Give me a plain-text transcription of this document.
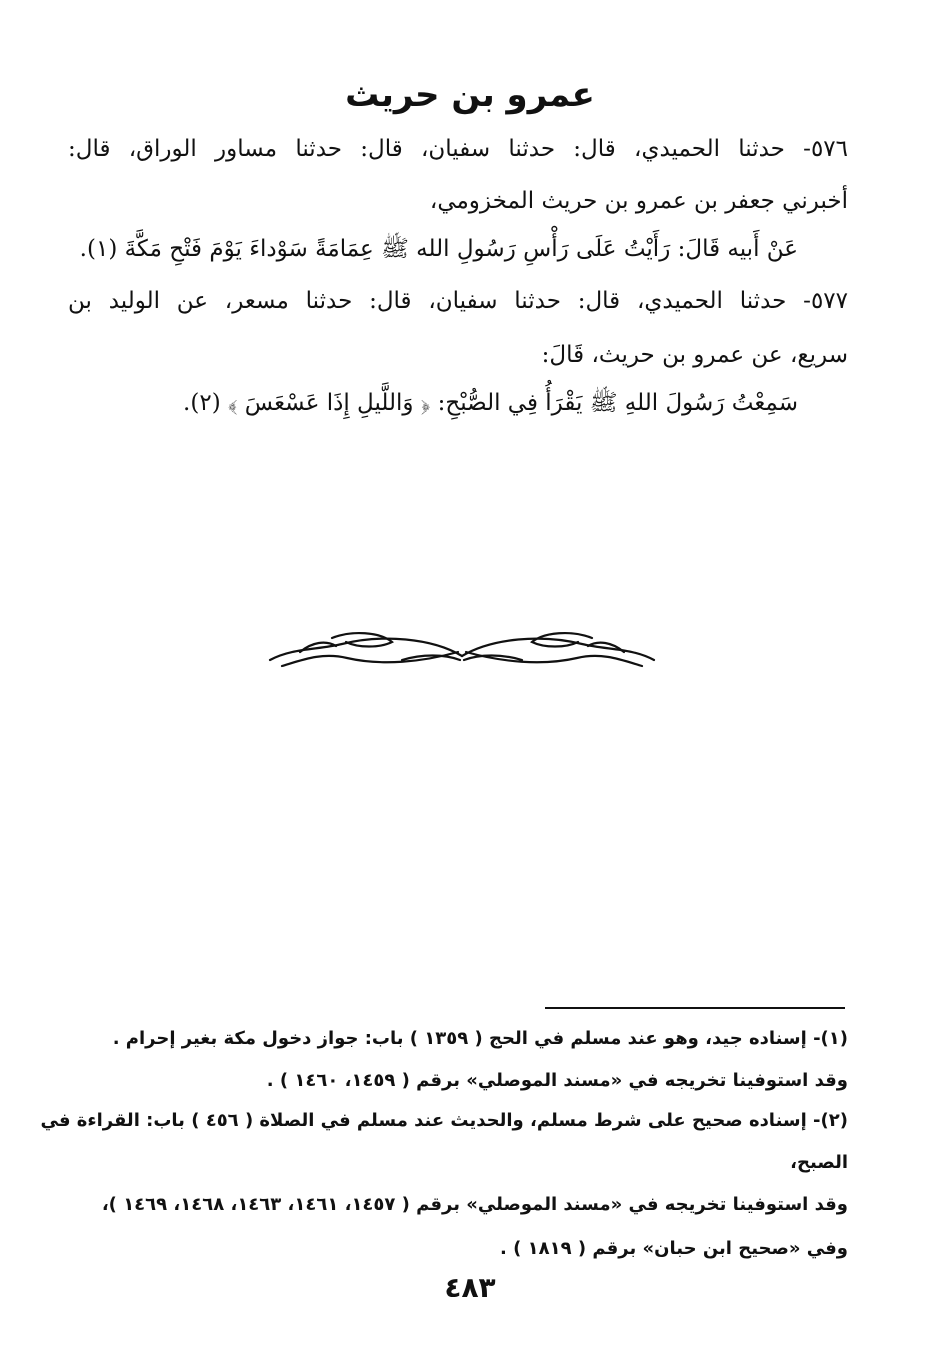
عمرو بن حريث
٥٧٦- حدثنا الحميدي، قال: حدثنا سفيان، قال: حدثنا مساور الوراق، قال:
أخبرني جعفر بن عمرو بن حريث المخزومي،
عَنْ أَبيه قَالَ: رَأَيْتُ عَلَى رَأْسِ رَسُولِ الله ﷺ عِمَامَةً سَوْداءَ يَوْمَ فَتْحِ مَكَّةَ (١).
٥٧٧- حدثنا الحميدي، قال: حدثنا سفيان، قال: حدثنا مسعر، عن الوليد بن
سريع، عن عمرو بن حريث، قَالَ:
سَمِعْتُ رَسُولَ اللهِ ﷺ يَقْرَأُ فِي الصُّبْحِ: ﴿ وَاللَّيلِ إِذَا عَسْعَسَ ﴾ (٢).
(١)- إسناده جيد، وهو عند مسلم في الحج ( ١٣٥٩ ) باب: جواز دخول مكة بغير إحرام .
وقد استوفينا تخريجه في «مسند الموصلي» برقم ( ١٤٥٩، ١٤٦٠ ) .
(٢)- إسناده صحيح على شرط مسلم، والحديث عند مسلم في الصلاة ( ٤٥٦ ) باب: القراءة في
الصبح،
وقد استوفينا تخريجه في «مسند الموصلي» برقم ( ١٤٥٧، ١٤٦١، ١٤٦٣، ١٤٦٨، ١٤٦٩ )،
وفي «صحيح ابن حبان» برقم ( ١٨١٩ ) .
٤٨٣
